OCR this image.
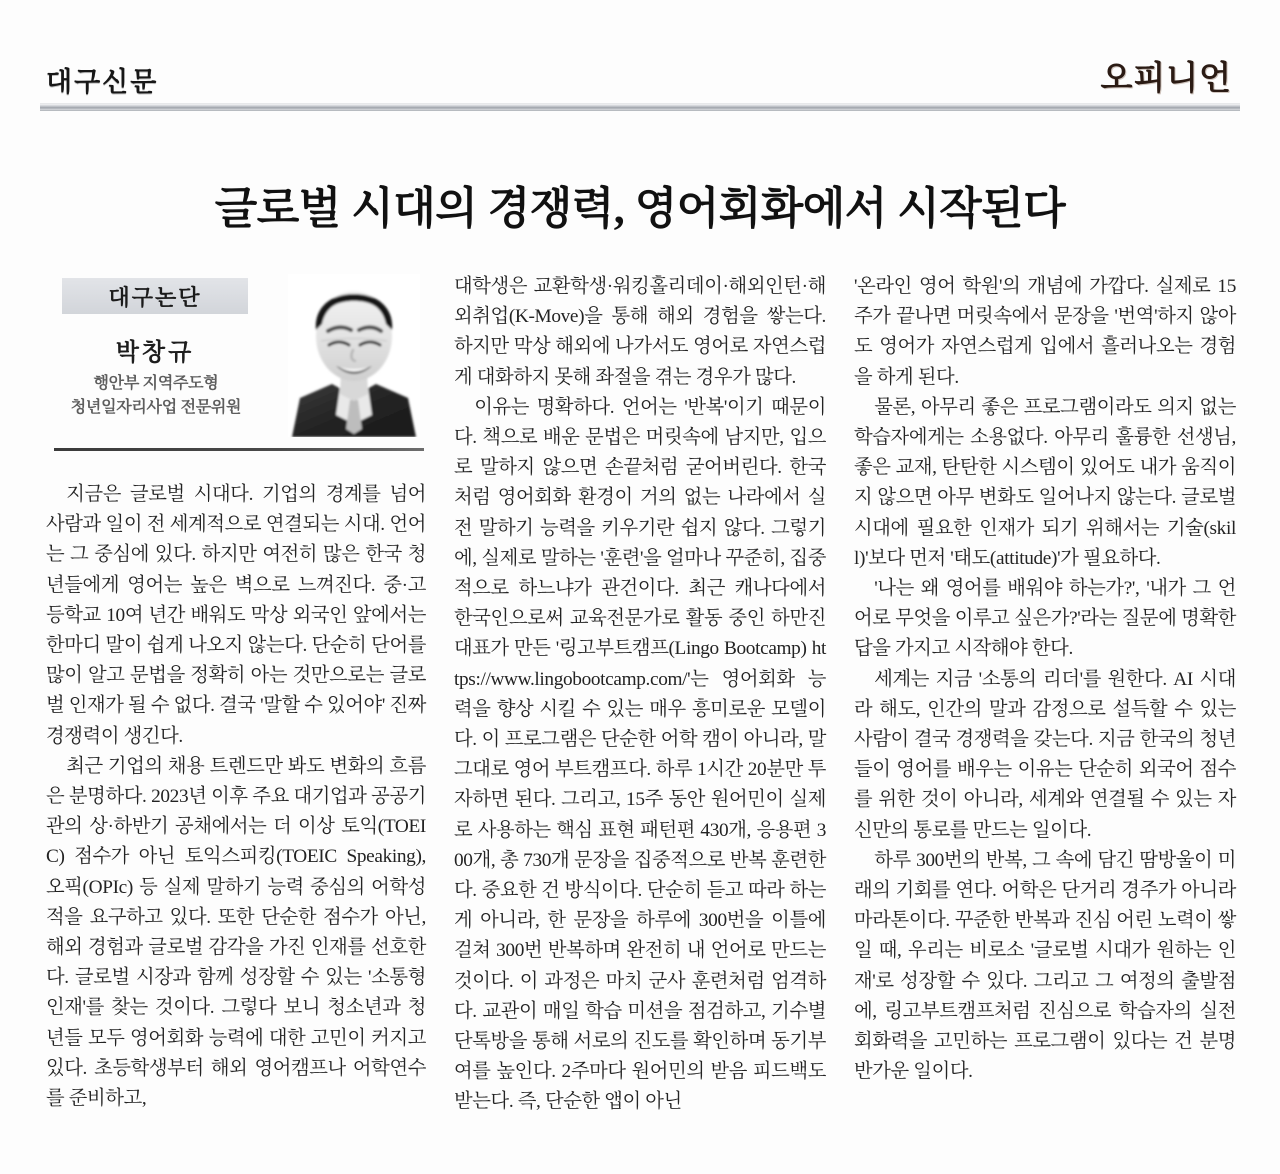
대구신문	오피니언
글로벌 시대의 경쟁력, 영어회화에서 시작된다
대구논단
박창규
행안부 지역주도형
청년일자리사업 전문위원

지금은 글로벌 시대다. 기업의 경계를 넘어 사람과 일이 전 세계적으로 연결되는 시대. 언어는 그 중심에 있다. 하지만 여전히 많은 한국 청년들에게 영어는 높은 벽으로 느껴진다. 중·고등학교 10여 년간 배워도 막상 외국인 앞에서는 한마디 말이 쉽게 나오지 않는다. 단순히 단어를 많이 알고 문법을 정확히 아는 것만으로는 글로벌 인재가 될 수 없다. 결국 '말할 수 있어야' 진짜 경쟁력이 생긴다.

최근 기업의 채용 트렌드만 봐도 변화의 흐름은 분명하다. 2023년 이후 주요 대기업과 공공기관의 상·하반기 공채에서는 더 이상 토익(TOEIC) 점수가 아닌 토익스피킹(TOEIC Speaking), 오픽(OPIc) 등 실제 말하기 능력 중심의 어학성적을 요구하고 있다. 또한 단순한 점수가 아닌, 해외 경험과 글로벌 감각을 가진 인재를 선호한다. 글로벌 시장과 함께 성장할 수 있는 '소통형 인재'를 찾는 것이다. 그렇다 보니 청소년과 청년들 모두 영어회화 능력에 대한 고민이 커지고 있다. 초등학생부터 해외 영어캠프나 어학연수를 준비하고,

대학생은 교환학생·워킹홀리데이·해외인턴·해외취업(K-Move)을 통해 해외 경험을 쌓는다. 하지만 막상 해외에 나가서도 영어로 자연스럽게 대화하지 못해 좌절을 겪는 경우가 많다.

이유는 명확하다. 언어는 '반복'이기 때문이다. 책으로 배운 문법은 머릿속에 남지만, 입으로 말하지 않으면 손끝처럼 굳어버린다. 한국처럼 영어회화 환경이 거의 없는 나라에서 실전 말하기 능력을 키우기란 쉽지 않다. 그렇기에, 실제로 말하는 '훈련'을 얼마나 꾸준히, 집중적으로 하느냐가 관건이다. 최근 캐나다에서 한국인으로써 교육전문가로 활동 중인 하만진 대표가 만든 '링고부트캠프(Lingo Bootcamp) https://www.lingobootcamp.com/'는 영어회화 능력을 향상 시킬 수 있는 매우 흥미로운 모델이다. 이 프로그램은 단순한 어학 캠이 아니라, 말 그대로 영어 부트캠프다. 하루 1시간 20분만 투자하면 된다. 그리고, 15주 동안 원어민이 실제로 사용하는 핵심 표현 패턴편 430개, 응용편 300개, 총 730개 문장을 집중적으로 반복 훈련한다. 중요한 건 방식이다. 단순히 듣고 따라 하는 게 아니라, 한 문장을 하루에 300번을 이틀에 걸쳐 300번 반복하며 완전히 내 언어로 만드는 것이다. 이 과정은 마치 군사 훈련처럼 엄격하다. 교관이 매일 학습 미션을 점검하고, 기수별 단톡방을 통해 서로의 진도를 확인하며 동기부여를 높인다. 2주마다 원어민의 받음 피드백도 받는다. 즉, 단순한 앱이 아닌

'온라인 영어 학원'의 개념에 가깝다. 실제로 15주가 끝나면 머릿속에서 문장을 '번역'하지 않아도 영어가 자연스럽게 입에서 흘러나오는 경험을 하게 된다.

물론, 아무리 좋은 프로그램이라도 의지 없는 학습자에게는 소용없다. 아무리 훌륭한 선생님, 좋은 교재, 탄탄한 시스템이 있어도 내가 움직이지 않으면 아무 변화도 일어나지 않는다. 글로벌 시대에 필요한 인재가 되기 위해서는 기술(skill)'보다 먼저 '태도(attitude)'가 필요하다.

'나는 왜 영어를 배워야 하는가?', '내가 그 언어로 무엇을 이루고 싶은가?'라는 질문에 명확한 답을 가지고 시작해야 한다.

세계는 지금 '소통의 리더'를 원한다. AI 시대라 해도, 인간의 말과 감정으로 설득할 수 있는 사람이 결국 경쟁력을 갖는다. 지금 한국의 청년들이 영어를 배우는 이유는 단순히 외국어 점수를 위한 것이 아니라, 세계와 연결될 수 있는 자신만의 통로를 만드는 일이다.

하루 300번의 반복, 그 속에 담긴 땀방울이 미래의 기회를 연다. 어학은 단거리 경주가 아니라 마라톤이다. 꾸준한 반복과 진심 어린 노력이 쌓일 때, 우리는 비로소 '글로벌 시대가 원하는 인재'로 성장할 수 있다. 그리고 그 여정의 출발점에, 링고부트캠프처럼 진심으로 학습자의 실전 회화력을 고민하는 프로그램이 있다는 건 분명 반가운 일이다.
